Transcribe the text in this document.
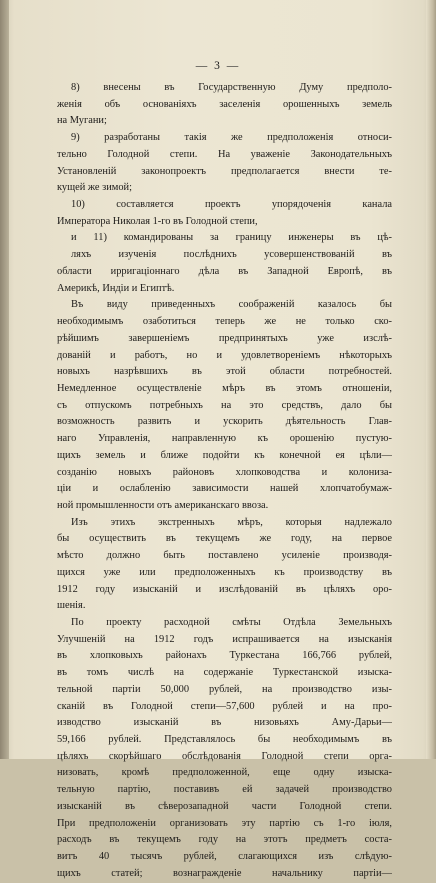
— 3 —
8) внесены въ Государственную Думу предполо-
женія объ основаніяхъ заселенія орошенныхъ земель
на Мугани;
9) разработаны такія же предположенія относи-
тельно Голодной степи. На уваженіе Законодательныхъ
Установленій законопроектъ предполагается внести те-
кущей же зимой;
10) составляется проектъ упорядоченія канала
Императора Николая 1-го въ Голодной степи,
и 11) командированы за границу инженеры въ цѣ-
ляхъ изученія послѣднихъ усовершенствованій въ
области ирригаціоннаго дѣла въ Западной Европѣ, въ
Америкѣ, Индіи и Египтѣ.
Въ виду приведенныхъ соображеній казалось бы
необходимымъ озаботиться теперь же не только ско-
рѣйшимъ завершеніемъ предпринятыхъ уже изслѣ-
дованій и работъ, но и удовлетвореніемъ нѣкоторыхъ
новыхъ назрѣвшихъ въ этой области потребностей.
Немедленное осуществленіе мѣръ въ этомъ отношеніи,
съ отпускомъ потребныхъ на это средствъ, дало бы
возможность развить и ускорить дѣятельность Глав-
наго Управленія, направленную къ орошенію пустую-
щихъ земель и ближе подойти къ конечной ея цѣли—
созданію новыхъ районовъ хлопководства и колониза-
ціи и ослабленію зависимости нашей хлопчатобумаж-
ной промышленности отъ американскаго ввоза.
Изъ этихъ экстренныхъ мѣръ, которыя надлежало
бы осуществить въ текущемъ же году, на первое
мѣсто должно быть поставлено усиленіе производя-
щихся уже или предположенныхъ къ производству въ
1912 году изысканій и изслѣдованій въ цѣляхъ оро-
шенія.
По проекту расходной смѣты Отдѣла Земельныхъ
Улучшеній на 1912 годъ испрашивается на изысканія
въ хлопковыхъ районахъ Туркестана 166,766 рублей,
въ томъ числѣ на содержаніе Туркестанской изыска-
тельной партіи 50,000 рублей, на производство изы-
сканій въ Голодной степи—57,600 рублей и на про-
изводство изысканій въ низовьяхъ Аму-Дарьи—
59,166 рублей. Представлялось бы необходимымъ въ
цѣляхъ скорѣйшаго обслѣдованія Голодной степи орга-
низовать, кромѣ предположенной, еще одну изыска-
тельную партію, поставивъ ей задачей производство
изысканій въ сѣверозападной части Голодной степи.
При предположеніи организовать эту партію съ 1-го іюля,
расходъ въ текущемъ году на этотъ предметъ соста-
витъ 40 тысячъ рублей, слагающихся изъ слѣдую-
щихъ статей; вознагражденіе начальнику партіи—
